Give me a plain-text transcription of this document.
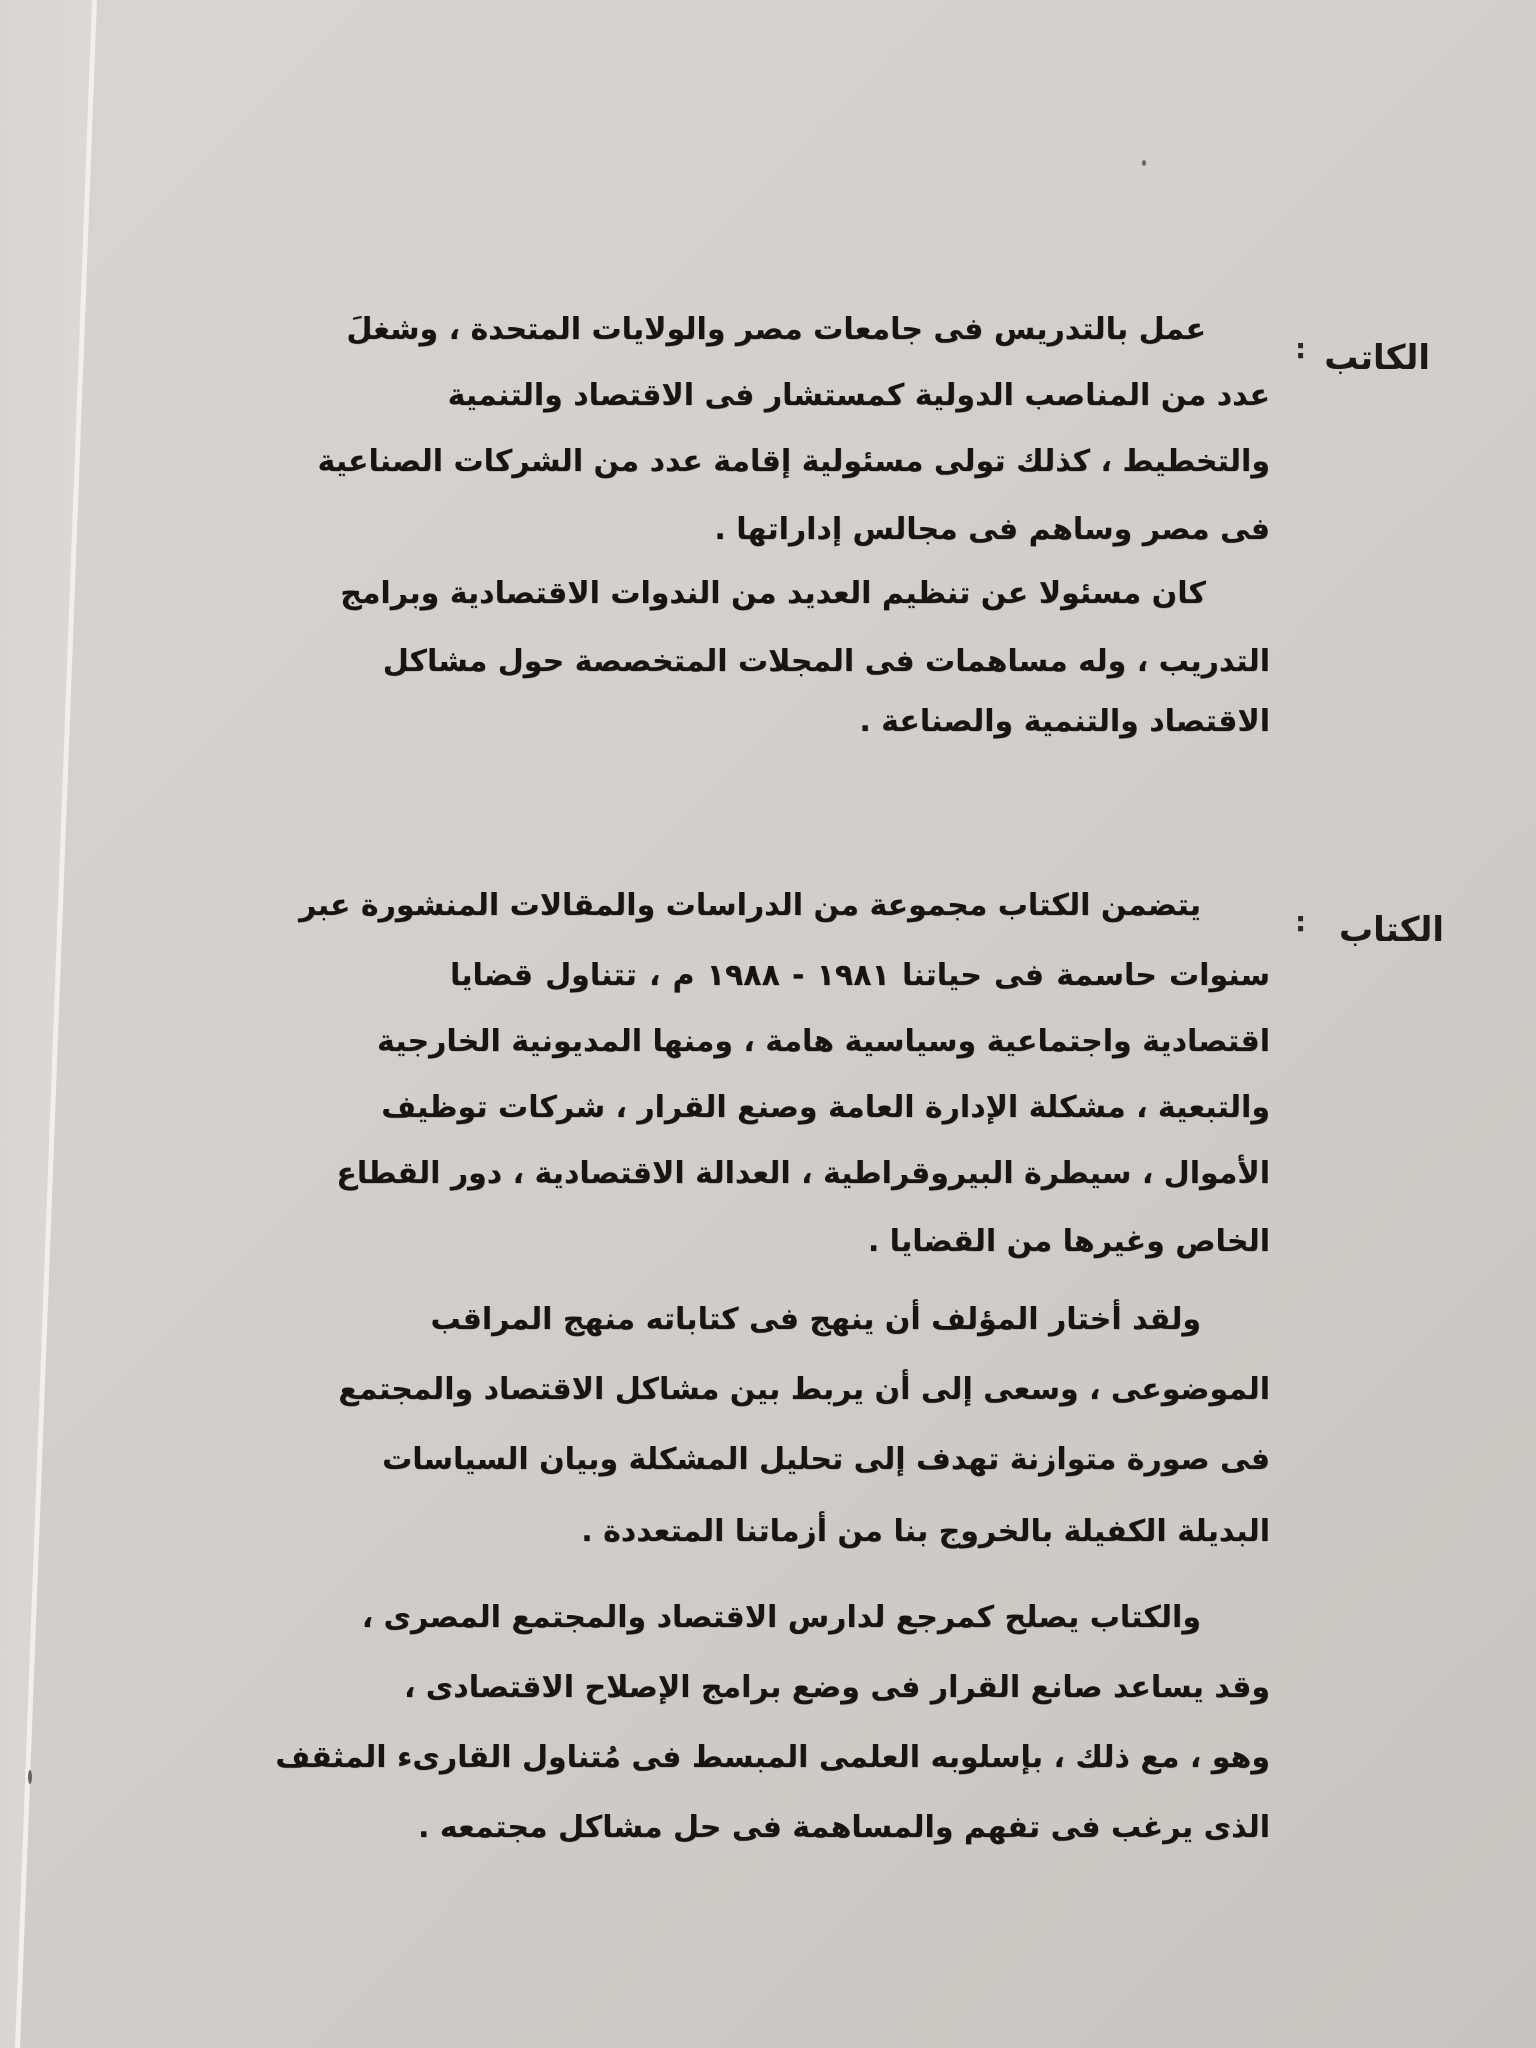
الكاتب
:
عمل بالتدريس فى جامعات مصر والولايات المتحدة ، وشغلَ
عدد من المناصب الدولية كمستشار فى الاقتصاد والتنمية
والتخطيط ، كذلك تولى مسئولية إقامة عدد من الشركات الصناعية
فى مصر وساهم فى مجالس إداراتها .
كان مسئولا عن تنظيم العديد من الندوات الاقتصادية وبرامج
التدريب ، وله مساهمات فى المجلات المتخصصة حول مشاكل
الاقتصاد والتنمية والصناعة .
الكتاب
:
يتضمن الكتاب مجموعة من الدراسات والمقالات المنشورة عبر
سنوات حاسمة فى حياتنا ١٩٨١ - ١٩٨٨ م ، تتناول قضايا
اقتصادية واجتماعية وسياسية هامة ، ومنها المديونية الخارجية
والتبعية ، مشكلة الإدارة العامة وصنع القرار ، شركات توظيف
الأموال ، سيطرة البيروقراطية ، العدالة الاقتصادية ، دور القطاع
الخاص وغيرها من القضايا .
ولقد أختار المؤلف أن ينهج فى كتاباته منهج المراقب
الموضوعى ، وسعى إلى أن يربط بين مشاكل الاقتصاد والمجتمع
فى صورة متوازنة تهدف إلى تحليل المشكلة وبيان السياسات
البديلة الكفيلة بالخروج بنا من أزماتنا المتعددة .
والكتاب يصلح كمرجع لدارس الاقتصاد والمجتمع المصرى ،
وقد يساعد صانع القرار فى وضع برامج الإصلاح الاقتصادى ،
وهو ، مع ذلك ، بإسلوبه العلمى المبسط فى مُتناول القارىء المثقف
الذى يرغب فى تفهم والمساهمة فى حل مشاكل مجتمعه .
